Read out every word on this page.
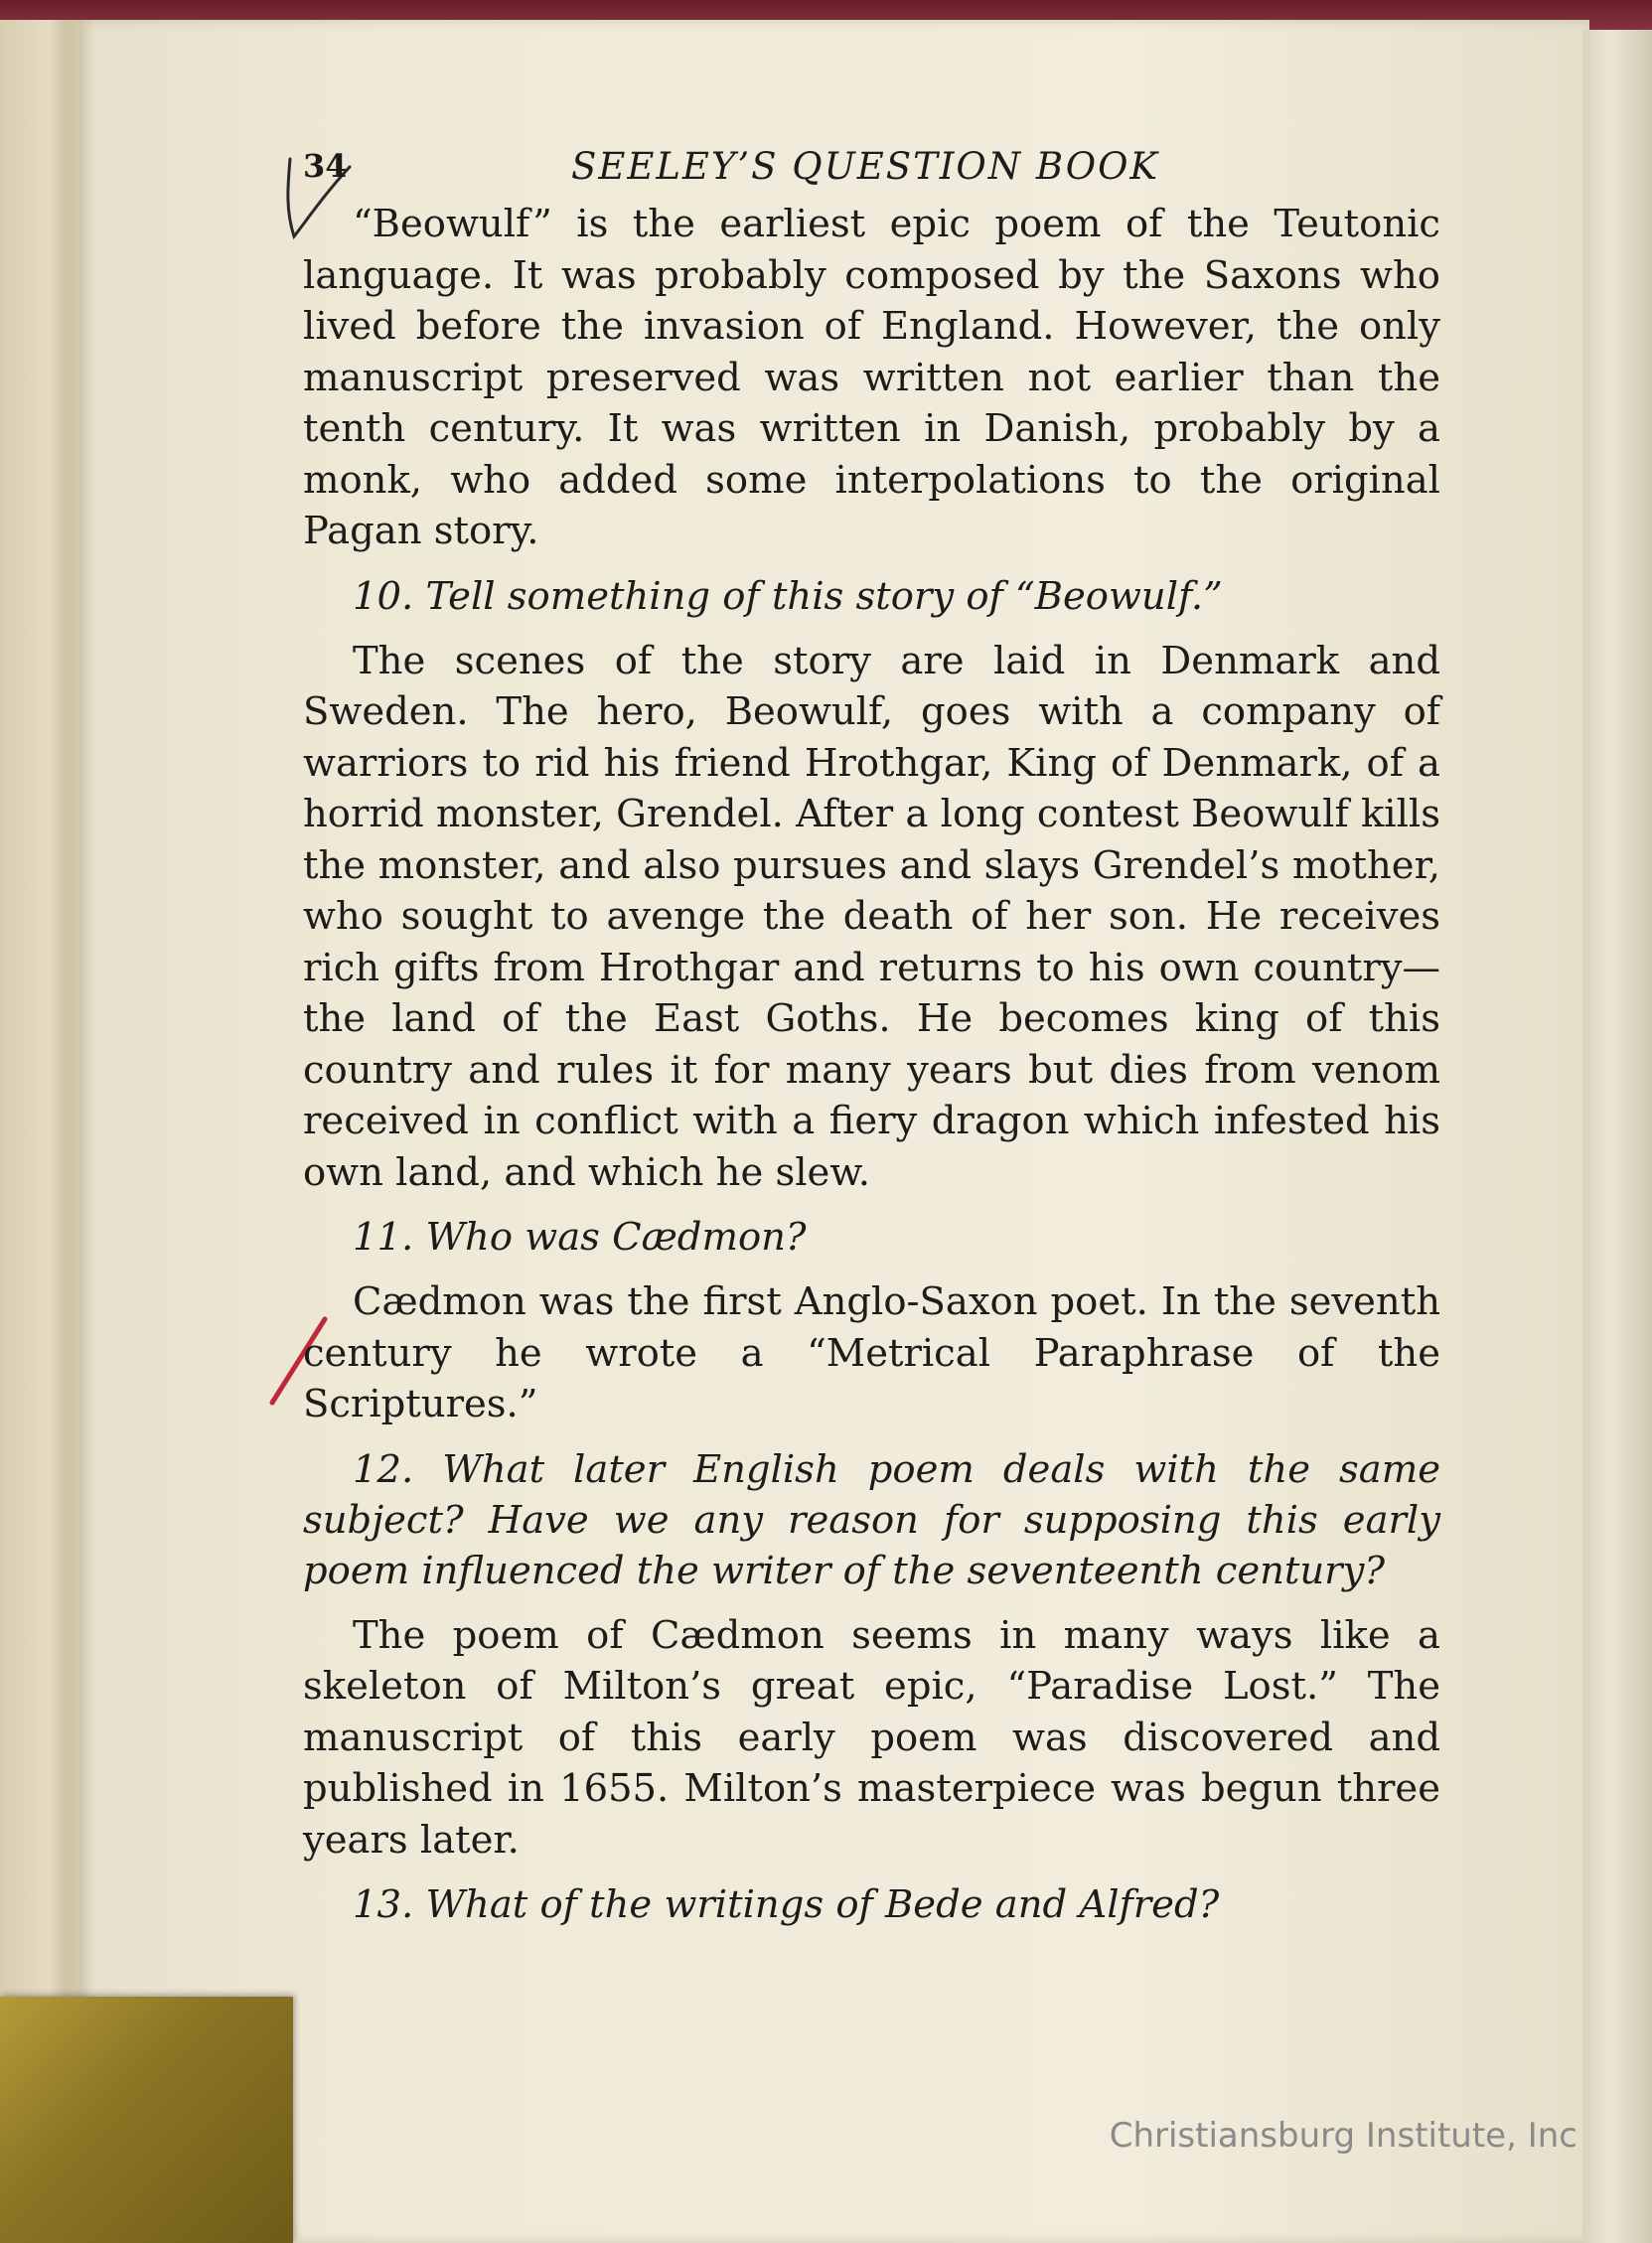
34	SEELEY’S QUESTION BOOK

“Beowulf” is the earliest epic poem of the Teutonic language. It was probably composed by the Saxons who lived before the invasion of England. However, the only manuscript preserved was written not earlier than the tenth century. It was written in Danish, probably by a monk, who added some interpolations to the original Pagan story.

10. Tell something of this story of “Beowulf.”

The scenes of the story are laid in Denmark and Sweden. The hero, Beowulf, goes with a company of warriors to rid his friend Hrothgar, King of Denmark, of a horrid monster, Grendel. After a long contest Beowulf kills the monster, and also pursues and slays Grendel’s mother, who sought to avenge the death of her son. He receives rich gifts from Hrothgar and returns to his own country—the land of the East Goths. He becomes king of this country and rules it for many years but dies from venom received in conflict with a fiery dragon which infested his own land, and which he slew.

11. Who was Cædmon?

Cædmon was the first Anglo-Saxon poet. In the seventh century he wrote a “Metrical Paraphrase of the Scriptures.”

12. What later English poem deals with the same subject? Have we any reason for supposing this early poem influenced the writer of the seventeenth century?

The poem of Cædmon seems in many ways like a skeleton of Milton’s great epic, “Paradise Lost.” The manuscript of this early poem was discovered and published in 1655. Milton’s masterpiece was begun three years later.

13. What of the writings of Bede and Alfred?

Christiansburg Institute, Inc
